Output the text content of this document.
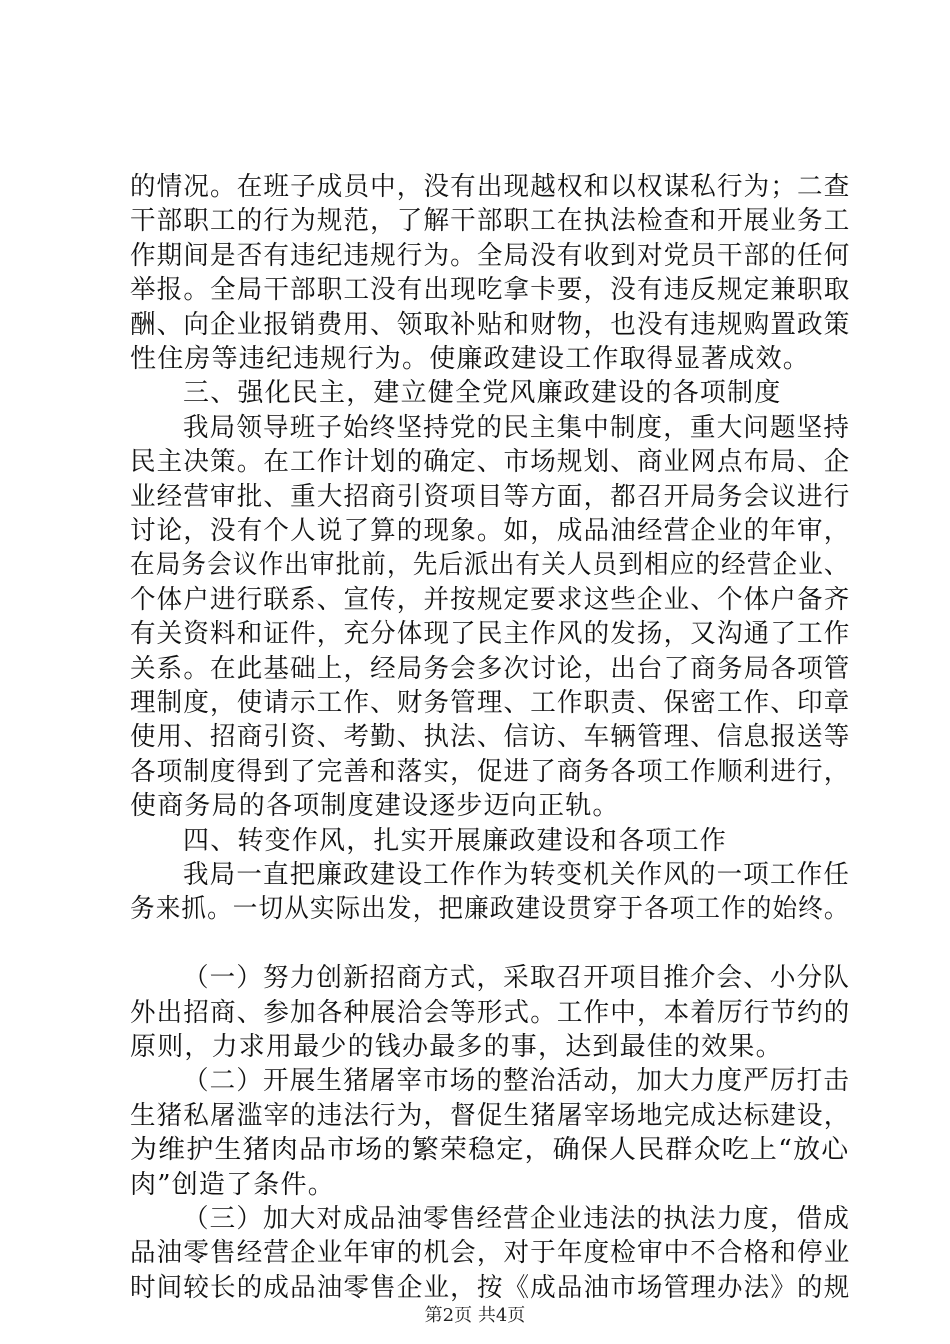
的情况。在班子成员中，没有出现越权和以权谋私行为；二查
干部职工的行为规范，了解干部职工在执法检查和开展业务工
作期间是否有违纪违规行为。全局没有收到对党员干部的任何
举报。全局干部职工没有出现吃拿卡要，没有违反规定兼职取
酬、向企业报销费用、领取补贴和财物，也没有违规购置政策
性住房等违纪违规行为。使廉政建设工作取得显著成效。
三、强化民主，建立健全党风廉政建设的各项制度
我局领导班子始终坚持党的民主集中制度，重大问题坚持
民主决策。在工作计划的确定、市场规划、商业网点布局、企
业经营审批、重大招商引资项目等方面，都召开局务会议进行
讨论，没有个人说了算的现象。如，成品油经营企业的年审，
在局务会议作出审批前，先后派出有关人员到相应的经营企业、
个体户进行联系、宣传，并按规定要求这些企业、个体户备齐
有关资料和证件，充分体现了民主作风的发扬，又沟通了工作
关系。在此基础上，经局务会多次讨论，出台了商务局各项管
理制度，使请示工作、财务管理、工作职责、保密工作、印章
使用、招商引资、考勤、执法、信访、车辆管理、信息报送等
各项制度得到了完善和落实，促进了商务各项工作顺利进行，
使商务局的各项制度建设逐步迈向正轨。
四、转变作风，扎实开展廉政建设和各项工作
我局一直把廉政建设工作作为转变机关作风的一项工作任
务来抓。一切从实际出发，把廉政建设贯穿于各项工作的始终。
（一）努力创新招商方式，采取召开项目推介会、小分队
外出招商、参加各种展洽会等形式。工作中，本着厉行节约的
原则，力求用最少的钱办最多的事，达到最佳的效果。
（二）开展生猪屠宰市场的整治活动，加大力度严厉打击
生猪私屠滥宰的违法行为，督促生猪屠宰场地完成达标建设，
为维护生猪肉品市场的繁荣稳定，确保人民群众吃上“放心
肉”创造了条件。
（三）加大对成品油零售经营企业违法的执法力度，借成
品油零售经营企业年审的机会，对于年度检审中不合格和停业
时间较长的成品油零售企业，按《成品油市场管理办法》的规
第2页 共4页
